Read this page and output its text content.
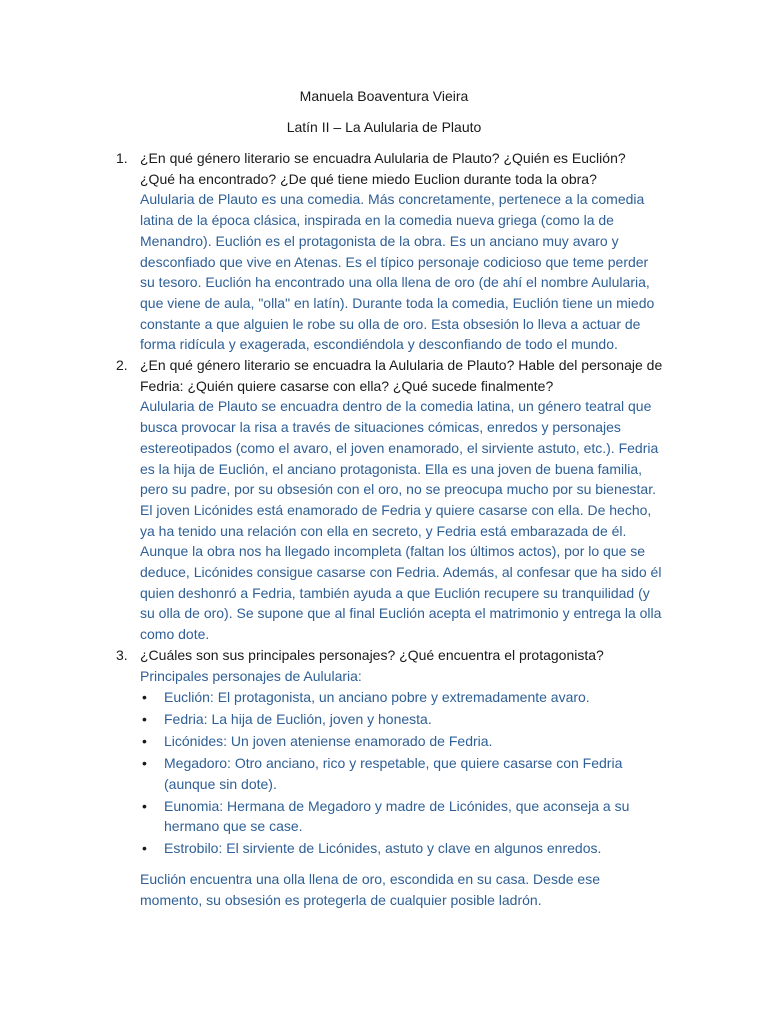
Manuela Boaventura Vieira
Latín II – La Aulularia de Plauto
1. ¿En qué género literario se encuadra Aulularia de Plauto? ¿Quién es Euclión? ¿Qué ha encontrado? ¿De qué tiene miedo Euclion durante toda la obra?
Aulularia de Plauto es una comedia. Más concretamente, pertenece a la comedia latina de la época clásica, inspirada en la comedia nueva griega (como la de Menandro). Euclión es el protagonista de la obra. Es un anciano muy avaro y desconfiado que vive en Atenas. Es el típico personaje codicioso que teme perder su tesoro. Euclión ha encontrado una olla llena de oro (de ahí el nombre Aulularia, que viene de aula, "olla" en latín). Durante toda la comedia, Euclión tiene un miedo constante a que alguien le robe su olla de oro. Esta obsesión lo lleva a actuar de forma ridícula y exagerada, escondiéndola y desconfiando de todo el mundo.
2. ¿En qué género literario se encuadra la Aulularia de Plauto? Hable del personaje de Fedria: ¿Quién quiere casarse con ella? ¿Qué sucede finalmente?
Aulularia de Plauto se encuadra dentro de la comedia latina, un género teatral que busca provocar la risa a través de situaciones cómicas, enredos y personajes estereotipados (como el avaro, el joven enamorado, el sirviente astuto, etc.). Fedria es la hija de Euclión, el anciano protagonista. Ella es una joven de buena familia, pero su padre, por su obsesión con el oro, no se preocupa mucho por su bienestar. El joven Licónides está enamorado de Fedria y quiere casarse con ella. De hecho, ya ha tenido una relación con ella en secreto, y Fedria está embarazada de él. Aunque la obra nos ha llegado incompleta (faltan los últimos actos), por lo que se deduce, Licónides consigue casarse con Fedria. Además, al confesar que ha sido él quien deshonró a Fedria, también ayuda a que Euclión recupere su tranquilidad (y su olla de oro). Se supone que al final Euclión acepta el matrimonio y entrega la olla como dote.
3. ¿Cuáles son sus principales personajes? ¿Qué encuentra el protagonista?
Principales personajes de Aulularia:
• Euclión: El protagonista, un anciano pobre y extremadamente avaro.
• Fedria: La hija de Euclión, joven y honesta.
• Licónides: Un joven ateniense enamorado de Fedria.
• Megadoro: Otro anciano, rico y respetable, que quiere casarse con Fedria (aunque sin dote).
• Eunomia: Hermana de Megadoro y madre de Licónides, que aconseja a su hermano que se case.
• Estrobilo: El sirviente de Licónides, astuto y clave en algunos enredos.
Euclión encuentra una olla llena de oro, escondida en su casa. Desde ese momento, su obsesión es protegerla de cualquier posible ladrón.
